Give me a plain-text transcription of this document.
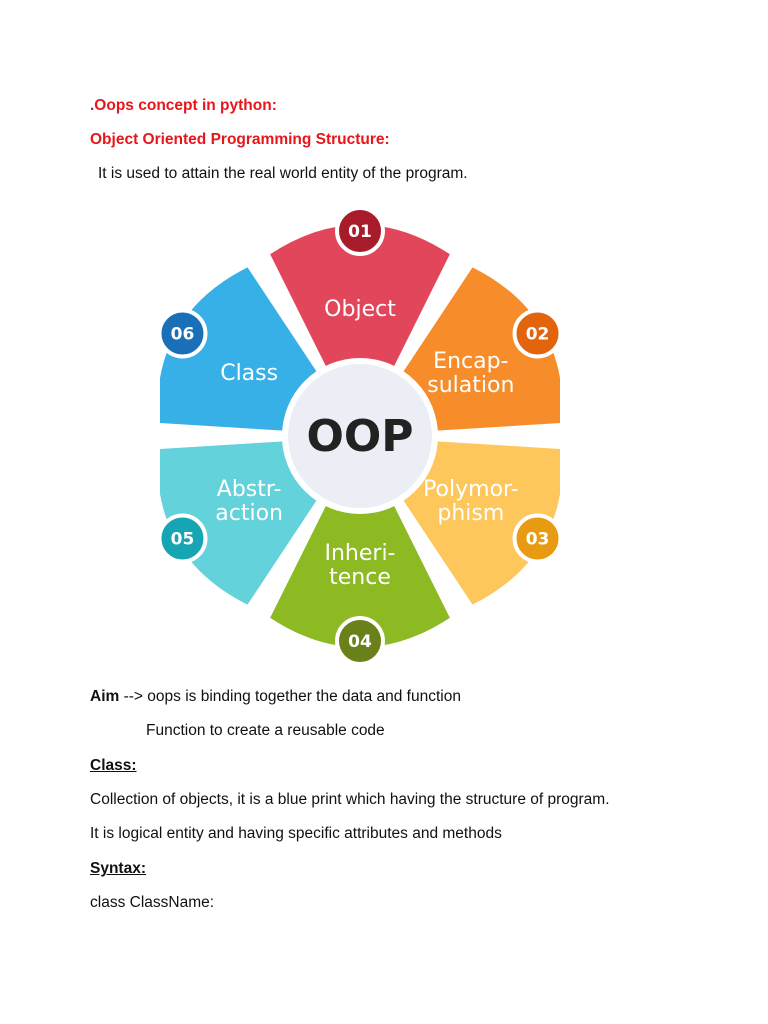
.Oops concept in python:
Object Oriented Programming Structure:
It is used to attain the real world entity of the program.
Object
Encap-
sulation
Polymor-
phism
Inheri-
tence
Abstr-
action
Class
01
02
03
04
05
06
OOP
Aim --> oops is binding together the data and function
Function to create a reusable code
Class:
Collection of objects, it is a blue print which having the structure of program.
It is logical entity and having specific attributes and methods
Syntax:
class ClassName:
